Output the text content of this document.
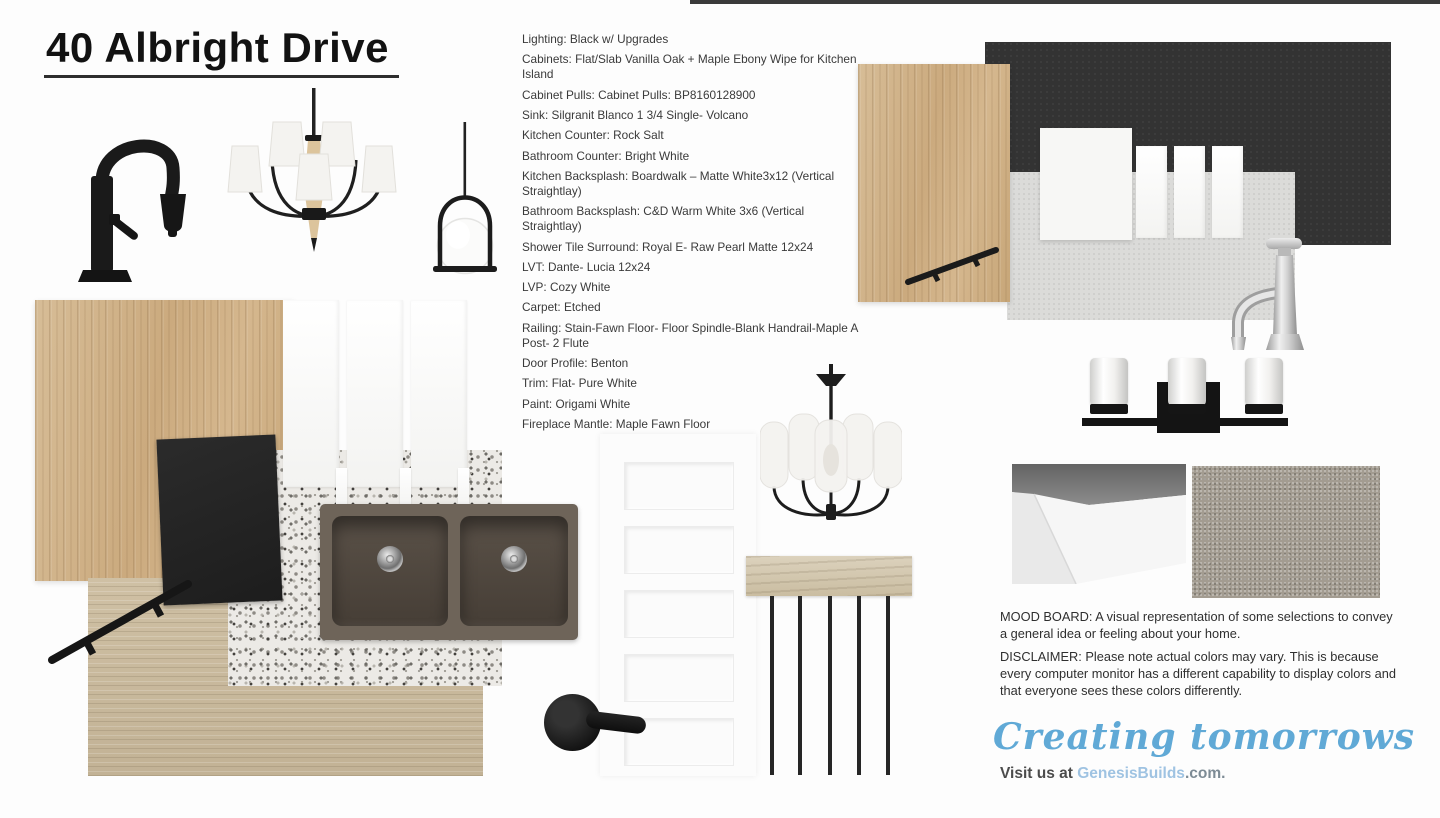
40 Albright Drive	Lighting: Black w/ Upgrades
Cabinets: Flat/Slab Vanilla Oak + Maple Ebony Wipe for Kitchen Island
Cabinet Pulls: Cabinet Pulls: BP8160128900
Sink: Silgranit Blanco 1 3/4 Single- Volcano
Kitchen Counter: Rock Salt
Bathroom Counter: Bright White
Kitchen Backsplash: Boardwalk – Matte White3x12 (Vertical Straightlay)
Bathroom Backsplash: C&D Warm White 3x6 (Vertical Straightlay)
Shower Tile Surround: Royal E- Raw Pearl Matte 12x24
LVT: Dante- Lucia 12x24
LVP: Cozy White
Carpet: Etched
Railing: Stain-Fawn Floor- Floor Spindle-Blank Handrail-Maple A Post- 2 Flute
Door Profile: Benton
Trim: Flat- Pure White
Paint: Origami White
Fireplace Mantle: Maple Fawn Floor
MOOD BOARD: A visual representation of some selections to convey a general idea or feeling about your home.
DISCLAIMER: Please note actual colors may vary. This is because every computer monitor has a different capability to display colors and that everyone sees these colors differently.
Creating tomorrows
Visit us at GenesisBuilds.com.
